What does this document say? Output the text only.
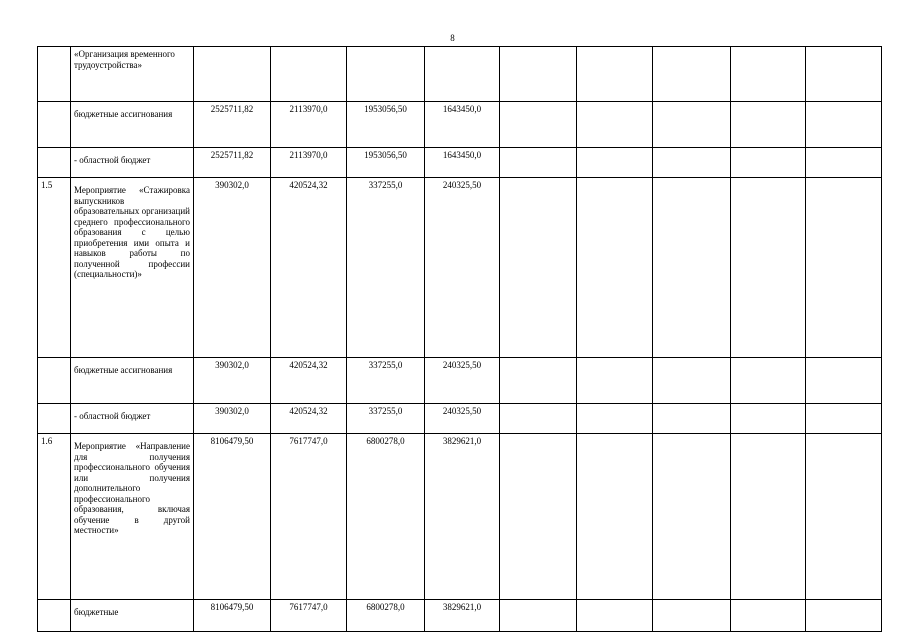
8
	«Организация временного трудоустройства»									
	бюджетные ассигнования	2525711,82	2113970,0	1953056,50	1643450,0					
	- областной бюджет	2525711,82	2113970,0	1953056,50	1643450,0					
1.5	Мероприятие «Стажировка выпускников образовательных организаций среднего профессионального образования с целью приобретения ими опыта и навыков работы по полученной профессии (специальности)»	390302,0	420524,32	337255,0	240325,50					
	бюджетные ассигнования	390302,0	420524,32	337255,0	240325,50					
	- областной бюджет	390302,0	420524,32	337255,0	240325,50					
1.6	Мероприятие «Направление для получения профессионального обучения или получения дополнительного профессионального образования, включая обучение в другой местности»	8106479,50	7617747,0	6800278,0	3829621,0					
	бюджетные	8106479,50	7617747,0	6800278,0	3829621,0					
